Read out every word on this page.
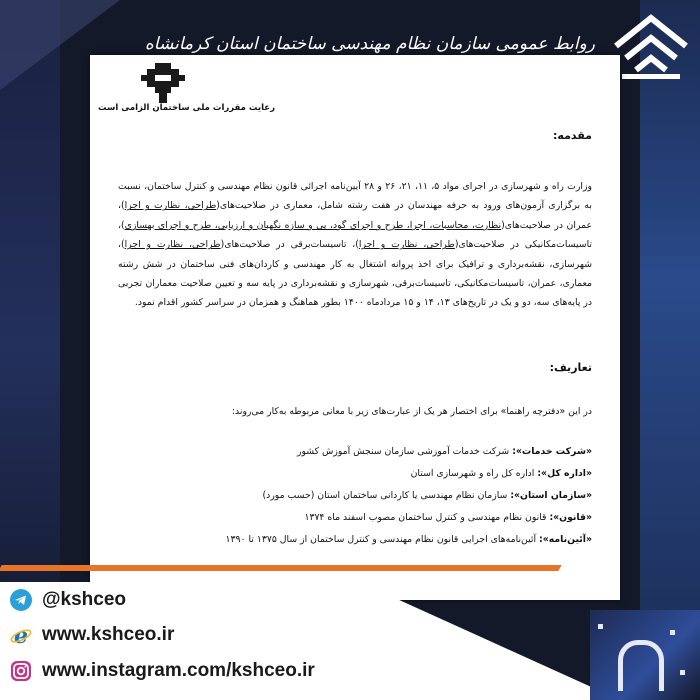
روابط عمومی سازمان نظام مهندسی ساختمان استان کرمانشاه
رعایت مقررات ملی ساختمان الزامی است
مقدمه:
وزارت راه و شهرسازی در اجرای مواد ۵، ۱۱، ۲۱، ۲۶ و ۲۸ آیین‌نامه اجرائی قانون نظام مهندسی و کنترل ساختمان، نسبت به برگزاری آزمون‌های ورود به حرفه مهندسان در هفت رشته شامل، معماری در صلاحیت‌های(طراحی، نظارت و اجرا)، عمران در صلاحیت‌های(نظارت، محاسبات، اجرا، طرح و اجرای گود، پی و سازه نگهبان و ارزیابی، طرح و اجرای بهسازی)، تاسیسات‌مکانیکی در صلاحیت‌های(طراحی، نظارت و اجرا)، تاسیسات‌برقی در صلاحیت‌های(طراحی، نظارت و اجرا)، شهرسازی، نقشه‌برداری و ترافیک برای اخذ پروانه اشتغال به کار مهندسی و کاردان‌های فنی ساختمان در شش رشته معماری، عمران، تاسیسات‌مکانیکی، تاسیسات‌برقی، شهرسازی و نقشه‌برداری در پایه سه و تعیین صلاحیت معماران تجربی در پایه‌های سه، دو و یک در تاریخ‌های ۱۳، ۱۴ و ۱۵ مردادماه ۱۴۰۰ بطور هماهنگ و همزمان در سراسر کشور اقدام نمود.
تعاریف:
در این «دفترچه راهنما» برای اختصار هر یک از عبارت‌های زیر با معانی مربوطه به‌کار می‌روند:
«شرکت خدمات»: شرکت خدمات آموزشی سازمان سنجش آموزش کشور
«اداره کل»: اداره کل راه و شهرسازی استان
«سازمان استان»: سازمان نظام مهندسی یا کاردانی ساختمان استان (حسب مورد)
«قانون»: قانون نظام مهندسی و کنترل ساختمان مصوب اسفند ماه ۱۳۷۴
«آئین‌نامه»: آئین‌نامه‌های اجرایی قانون نظام مهندسی و کنترل ساختمان از سال ۱۳۷۵ تا ۱۳۹۰
@kshceo
e www.kshceo.ir
www.instagram.com/kshceo.ir
